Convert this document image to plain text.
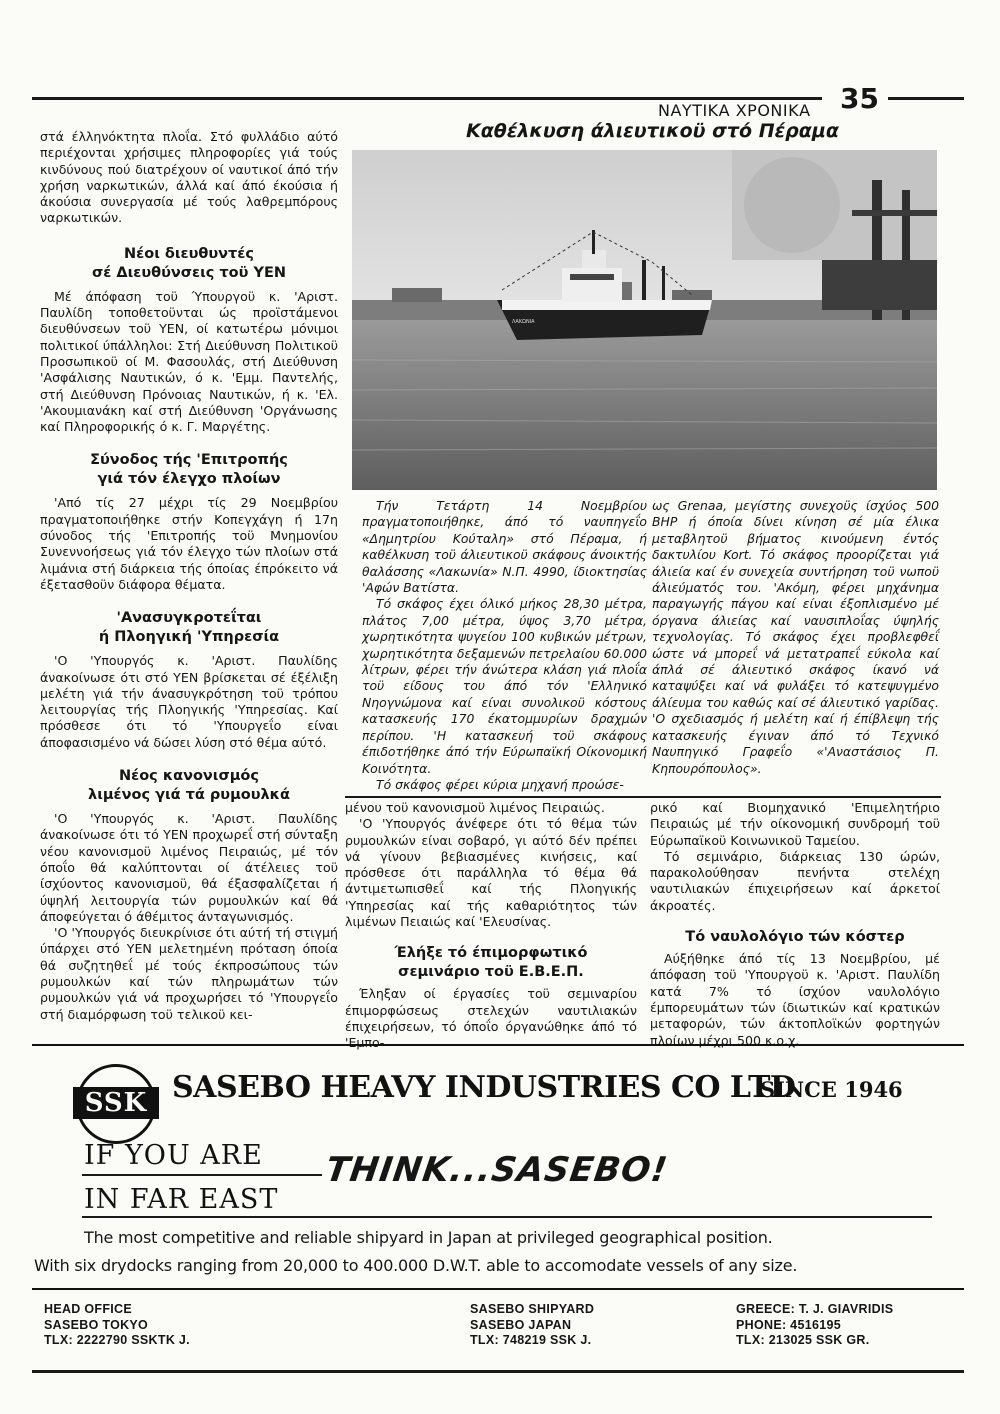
ΝΑΥΤΙΚΑ ΧΡΟΝΙΚΑ 35
Καθέλκυση άλιευτικοϋ στό Πέραμα

στά έλληνόκτητα πλοΐα. Στό φυλλάδιο αύτό περιέχονται χρήσιμες πληροφορίες γιά τούς κινδύνους πού διατρέχουν οί ναυτικοί άπό τήν χρήση ναρκωτικών, άλλά καί άπό έκούσια ή άκούσια συνεργασία μέ τούς λαθρεμπόρους ναρκωτικών.

Νέοι διευθυντές

σέ Διευθύνσεις τοϋ ΥΕΝ

Μέ άπόφαση τοϋ Ύπουργοϋ κ. 'Αριστ. Παυλίδη τοποθετοϋνται ώς προϊστάμενοι διευθύνσεων τοϋ ΥΕΝ, οί κατωτέρω μόνιμοι πολιτικοί ύπάλληλοι: Στή Διεύθυνση Πολιτικοϋ Προσωπικοϋ οί Μ. Φασουλάς, στή Διεύθυνση 'Ασφάλισης Ναυτικών, ό κ. 'Εμμ. Παντελής, στή Διεύθυνση Πρόνοιας Ναυτικών, ή κ. 'Ελ. 'Ακουμιανάκη καί στή Διεύθυνση 'Οργάνωσης καί Πληροφορικής ό κ. Γ. Μαργέτης.

Σύνοδος τής 'Επιτροπής

γιά τόν έλεγχο πλοίων

'Από τίς 27 μέχρι τίς 29 Νοεμβρίου πραγματοποιήθηκε στήν Κοπεγχάγη ή 17η σύνοδος τής 'Επιτροπής τοϋ Μνημονίου Συνεννοήσεως γιά τόν έλεγχο τών πλοίων στά λιμάνια στή διάρκεια τής όποίας έπρόκειτο νά έξετασθοϋν διάφορα θέματα.

'Ανασυγκροτεΐται

ή Πλοηγική 'Υπηρεσία

'Ο 'Υπουργός κ. 'Αριστ. Παυλίδης άνακοίνωσε ότι στό ΥΕΝ βρίσκεται σέ έξέλιξη μελέτη γιά τήν άνασυγκρότηση τοϋ τρόπου λειτουργίας τής Πλοηγικής 'Υπηρεσίας. Καί πρόσθεσε ότι τό 'Υπουργεΐο είναι άποφασισμένο νά δώσει λύση στό θέμα αύτό.

Νέος κανονισμός

λιμένος γιά τά ρυμουλκά

'Ο 'Υπουργός κ. 'Αριστ. Παυλίδης άνακοίνωσε ότι τό ΥΕΝ προχωρεΐ στή σύνταξη νέου κανονισμοϋ λιμένος Πειραιώς, μέ τόν όποΐο θά καλύπτονται οί άτέλειες τοϋ ίσχύοντος κανονισμοϋ, θά έξασφαλίζεται ή ύψηλή λειτουργία τών ρυμουλκών καί θά άποφεύγεται ό άθέμιτος άνταγωνισμός.

'Ο 'Υπουργός διευκρίνισε ότι αύτή τή στιγμή ύπάρχει στό ΥΕΝ μελετημένη πρόταση όποία θά συζητηθεΐ μέ τούς έκπροσώπους τών ρυμουλκών καί τών πληρωμάτων τών ρυμουλκών γιά νά προχωρήσει τό 'Υπουργεΐο στή διαμόρφωση τοϋ τελικοϋ κει-

ΛΑΚΩΝΙΑ

Τήν Τετάρτη 14 Νοεμβρίου πραγματοποιήθηκε, άπό τό ναυπηγεΐο «Δημητρίου Κούταλη» στό Πέραμα, ή καθέλκυση τοϋ άλιευτικοϋ σκάφους άνοικτής θαλάσσης «Λακωνία» Ν.Π. 4990, ίδιοκτησίας 'Αφών Βατίστα.

Τό σκάφος έχει όλικό μήκος 28,30 μέτρα, πλάτος 7,00 μέτρα, ύψος 3,70 μέτρα, χωρητικότητα ψυγείου 100 κυβικών μέτρων, χωρητικότητα δεξαμενών πετρελαίου 60.000 λίτρων, φέρει τήν άνώτερα κλάση γιά πλοΐα τοϋ είδους του άπό τόν 'Ελληνικό Νηογνώμονα καί είναι συνολικοϋ κόστους κατασκευής 170 έκατομμυρίων δραχμών περίπου. 'Η κατασκευή τοϋ σκάφους έπιδοτήθηκε άπό τήν Εύρωπαϊκή Οίκονομική Κοινότητα.

Τό σκάφος φέρει κύρια μηχανή προώσε-

ως Grenaa, μεγίστης συνεχοϋς ίσχύος 500 BHP ή όποία δίνει κίνηση σέ μία έλικα μεταβλητοϋ βήματος κινούμενη έντός δακτυλίου Kort. Τό σκάφος προορίζεται γιά άλιεία καί έν συνεχεία συντήρηση τοϋ νωποϋ άλιεύματός του. 'Ακόμη, φέρει μηχάνημα παραγωγής πάγου καί είναι έξοπλισμένο μέ όργανα άλιείας καί ναυσιπλοΐας ύψηλής τεχνολογίας. Τό σκάφος έχει προβλεφθεΐ ώστε νά μπορεΐ νά μετατραπεΐ εύκολα καί άπλά σέ άλιευτικό σκάφος ίκανό νά καταψύξει καί νά φυλάξει τό κατεψυγμένο άλίευμα του καθώς καί σέ άλιευτικό γαρίδας. 'Ο σχεδιασμός ή μελέτη καί ή έπίβλεψη τής κατασκευής έγιναν άπό τό Τεχνικό Ναυπηγικό Γραφεΐο «'Αναστάσιος Π. Κηπουρόπουλος».

μένου τοϋ κανονισμοϋ λιμένος Πειραιώς.

'Ο 'Υπουργός άνέφερε ότι τό θέμα τών ρυμουλκών είναι σοβαρό, γι αύτό δέν πρέπει νά γίνουν βεβιασμένες κινήσεις, καί πρόσθεσε ότι παράλληλα τό θέμα θά άντιμετωπισθεΐ καί τής Πλοηγικής 'Υπηρεσίας καί τής καθαριότητος τών λιμένων Πειαιώς καί 'Ελευσίνας.

Έλήξε τό έπιμορφωτικό

σεμινάριο τοϋ Ε.Β.Ε.Π.

Έληξαν οί έργασίες τοϋ σεμιναρίου έπιμορφώσεως στελεχών ναυτιλιακών έπιχειρήσεων, τό όποΐο όργανώθηκε άπό τό 'Εμπο-

ρικό καί Βιομηχανικό 'Επιμελητήριο Πειραιώς μέ τήν οίκονομική συνδρομή τοϋ Εύρωπαϊκοϋ Κοινωνικοϋ Ταμείου.

Τό σεμινάριο, διάρκειας 130 ώρών, παρακολούθησαν πενήντα στελέχη ναυτιλιακών έπιχειρήσεων καί άρκετοί άκροατές.

Τό ναυλολόγιο τών κόστερ

Αύξήθηκε άπό τίς 13 Νοεμβρίου, μέ άπόφαση τοϋ 'Υπουργοϋ κ. 'Αριστ. Παυλίδη κατά 7% τό ίσχύον ναυλολόγιο έμπορευμάτων τών ίδιωτικών καί κρατικών μεταφορών, τών άκτοπλοϊκών φορτηγών πλοίων μέχρι 500 κ.ο.χ.

SSK SASEBO HEAVY INDUSTRIES CO LTD
SINCE 1946
IF YOU ARE
IN FAR EAST
THINK...SASEBO!
The most competitive and reliable shipyard in Japan at privileged geographical position.
With six drydocks ranging from 20,000 to 400.000 D.W.T. able to accomodate vessels of any size.
HEAD OFFICE
SASEBO TOKYO
TLX: 2222790 SSKTK J.
SASEBO SHIPYARD
SASEBO JAPAN
TLX: 748219 SSK J.
GREECE: T. J. GIAVRIDIS
PHONE: 4516195
TLX: 213025 SSK GR.
